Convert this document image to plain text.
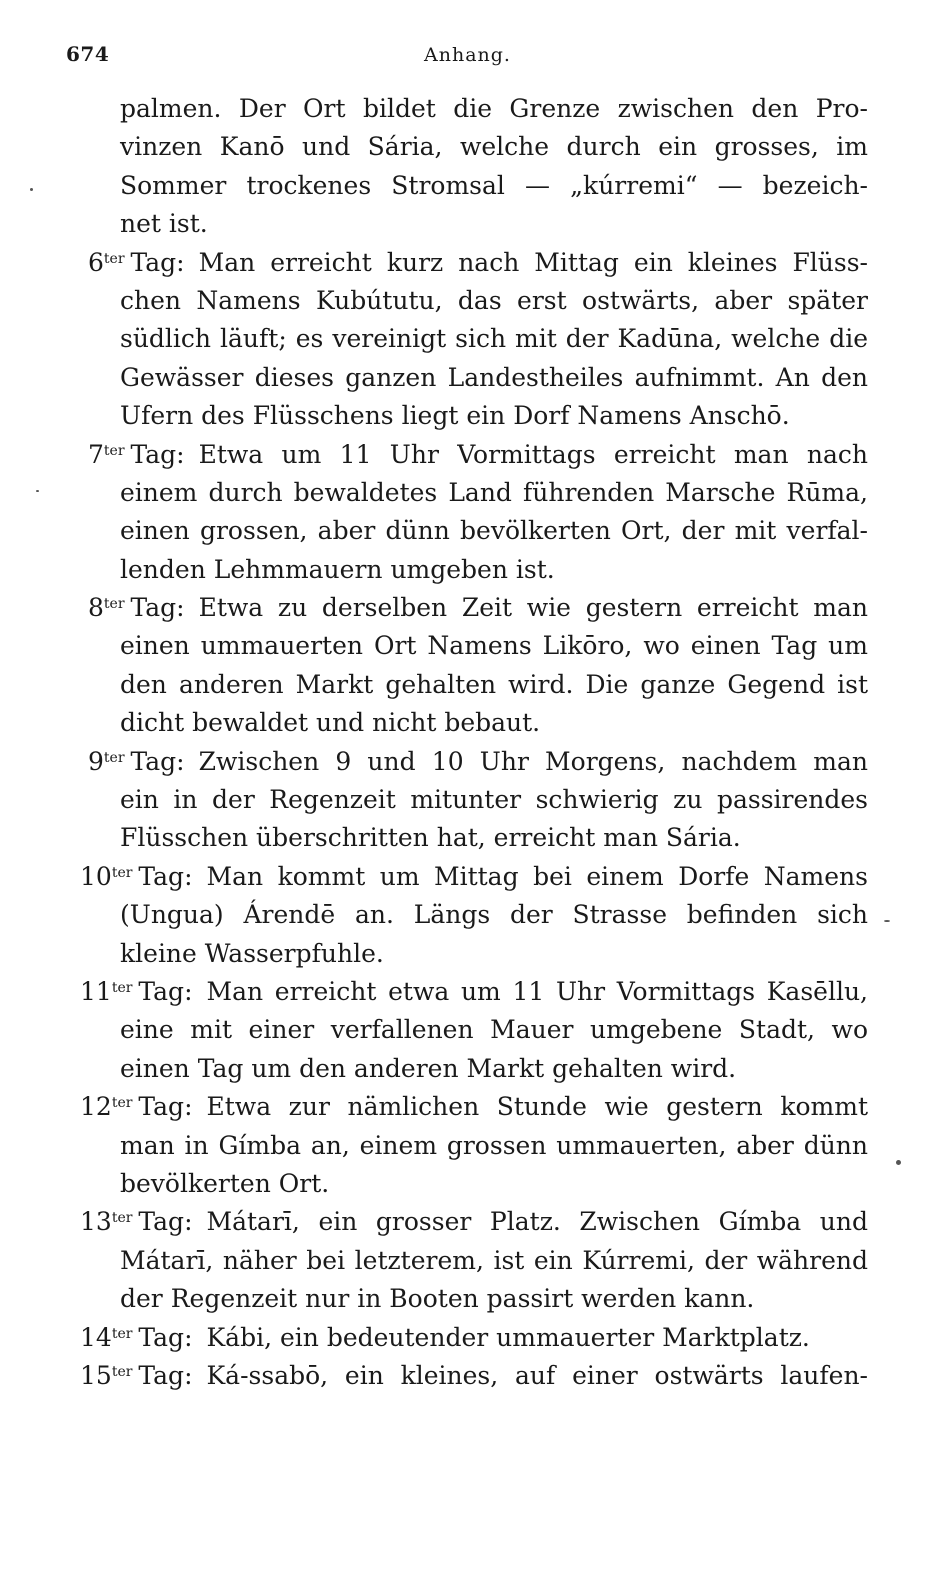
674	Anhang.
palmen. Der Ort bildet die Grenze zwischen den Pro-
vinzen Kanō und Sária, welche durch ein grosses, im
Sommer trockenes Stromsal — „kúrremi“ — bezeich-
net ist.
$6^{ter}$ Tag: Man erreicht kurz nach Mittag ein kleines Flüss-
chen Namens Kubútutu, das erst ostwärts, aber später
südlich läuft; es vereinigt sich mit der Kadūna, welche die
Gewässer dieses ganzen Landestheiles aufnimmt. An den
Ufern des Flüsschens liegt ein Dorf Namens Anschō.
$7^{ter}$ Tag: Etwa um 11 Uhr Vormittags erreicht man nach
einem durch bewaldetes Land führenden Marsche Rūma,
einen grossen, aber dünn bevölkerten Ort, der mit verfal-
lenden Lehmmauern umgeben ist.
$8^{ter}$ Tag: Etwa zu derselben Zeit wie gestern erreicht man
einen ummauerten Ort Namens Likōro, wo einen Tag um
den anderen Markt gehalten wird. Die ganze Gegend ist
dicht bewaldet und nicht bebaut.
$9^{ter}$ Tag: Zwischen 9 und 10 Uhr Morgens, nachdem man
ein in der Regenzeit mitunter schwierig zu passirendes
Flüsschen überschritten hat, erreicht man Sária.
$10^{ter}$ Tag: Man kommt um Mittag bei einem Dorfe Namens
(Ungua) Árendē an. Längs der Strasse befinden sich
kleine Wasserpfuhle.
$11^{ter}$ Tag: Man erreicht etwa um 11 Uhr Vormittags Kasēllu,
eine mit einer verfallenen Mauer umgebene Stadt, wo
einen Tag um den anderen Markt gehalten wird.
$12^{ter}$ Tag: Etwa zur nämlichen Stunde wie gestern kommt
man in Gímba an, einem grossen ummauerten, aber dünn
bevölkerten Ort.
$13^{ter}$ Tag: Mátarī, ein grosser Platz. Zwischen Gímba und
Mátarī, näher bei letzterem, ist ein Kúrremi, der während
der Regenzeit nur in Booten passirt werden kann.
$14^{ter}$ Tag: Kábi, ein bedeutender ummauerter Marktplatz.
$15^{ter}$ Tag: Ká-ssabō, ein kleines, auf einer ostwärts laufen-
